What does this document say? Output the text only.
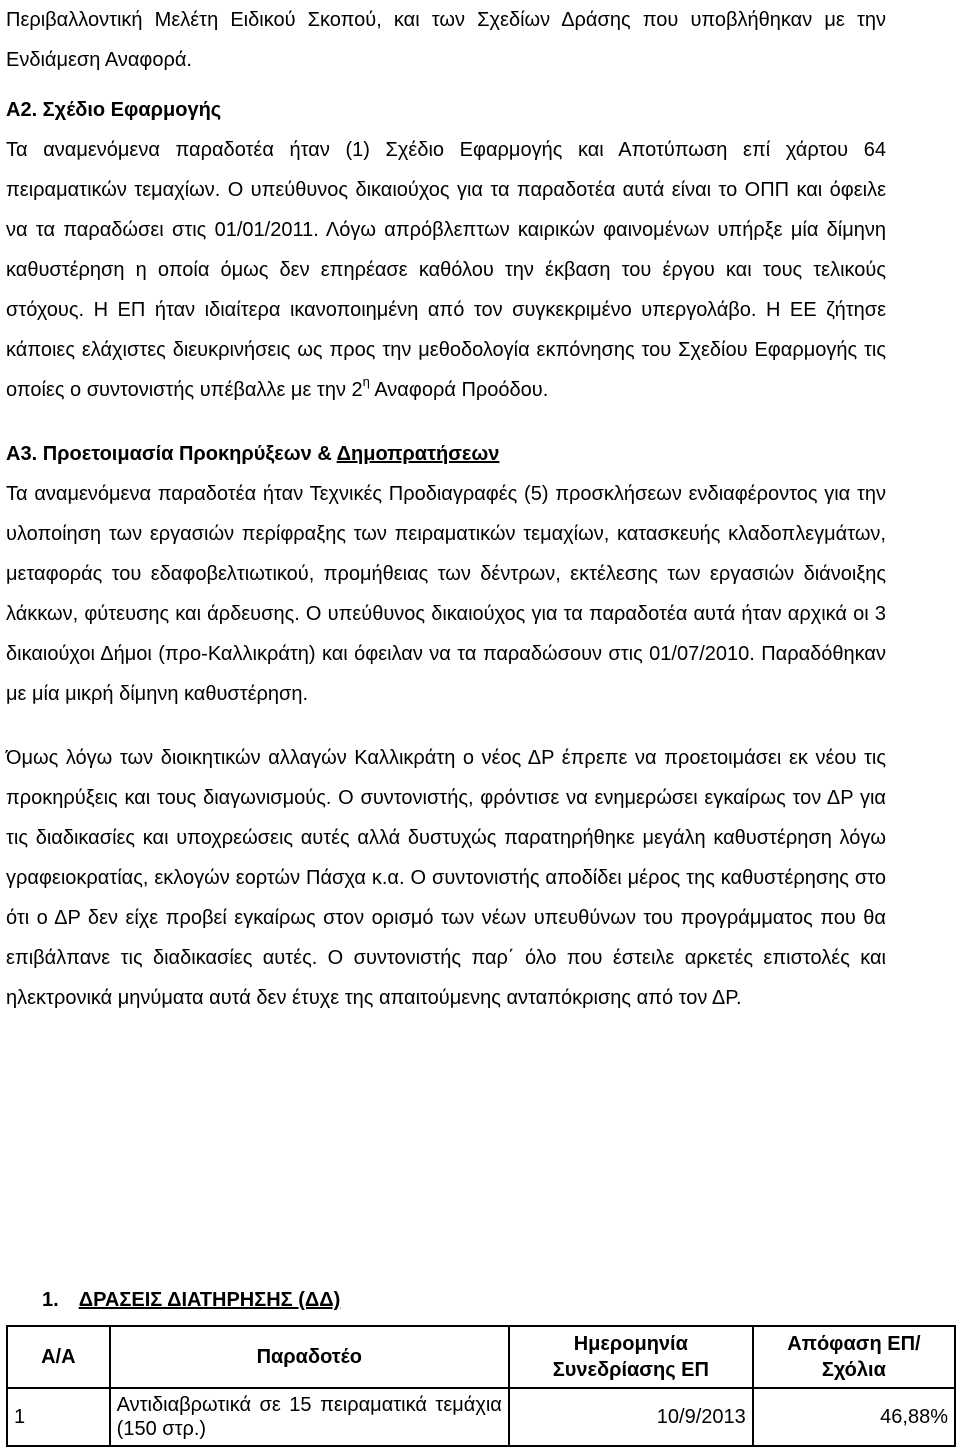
Περιβαλλοντική Μελέτη Ειδικού Σκοπού, και των Σχεδίων Δράσης που υποβλήθηκαν με την Ενδιάμεση Αναφορά.

Α2. Σχέδιο Εφαρμογής

Τα αναμενόμενα παραδοτέα ήταν (1) Σχέδιο Εφαρμογής και Αποτύπωση επί χάρτου 64 πειραματικών τεμαχίων. Ο υπεύθυνος δικαιούχος για τα παραδοτέα αυτά είναι το ΟΠΠ και όφειλε να τα παραδώσει στις 01/01/2011. Λόγω απρόβλεπτων καιρικών φαινομένων υπήρξε μία δίμηνη καθυστέρηση η οποία όμως δεν επηρέασε καθόλου την έκβαση του έργου και τους τελικούς στόχους. Η ΕΠ ήταν ιδιαίτερα ικανοποιημένη από τον συγκεκριμένο υπεργολάβο. Η ΕΕ ζήτησε κάποιες ελάχιστες διευκρινήσεις ως προς την μεθοδολογία εκπόνησης του Σχεδίου Εφαρμογής τις οποίες ο συντονιστής υπέβαλλε με την $2^\eta$ Αναφορά Προόδου.

Α3. Προετοιμασία Προκηρύξεων & Δημοπρατήσεων

Τα αναμενόμενα παραδοτέα ήταν Τεχνικές Προδιαγραφές (5) προσκλήσεων ενδιαφέροντος για την υλοποίηση των εργασιών περίφραξης των πειραματικών τεμαχίων, κατασκευής κλαδοπλεγμάτων, μεταφοράς του εδαφοβελτιωτικού, προμήθειας των δέντρων, εκτέλεσης των εργασιών διάνοιξης λάκκων, φύτευσης και άρδευσης. Ο υπεύθυνος δικαιούχος για τα παραδοτέα αυτά ήταν αρχικά οι 3 δικαιούχοι Δήμοι (προ-Καλλικράτη) και όφειλαν να τα παραδώσουν στις 01/07/2010. Παραδόθηκαν με μία μικρή δίμηνη καθυστέρηση.

Όμως λόγω των διοικητικών αλλαγών Καλλικράτη ο νέος ΔΡ έπρεπε να προετοιμάσει εκ νέου τις προκηρύξεις και τους διαγωνισμούς. Ο συντονιστής, φρόντισε να ενημερώσει εγκαίρως τον ΔΡ για τις διαδικασίες και υποχρεώσεις αυτές αλλά δυστυχώς παρατηρήθηκε μεγάλη καθυστέρηση λόγω γραφειοκρατίας, εκλογών εορτών Πάσχα κ.α. Ο συντονιστής αποδίδει μέρος της καθυστέρησης στο ότι ο ΔΡ δεν είχε προβεί εγκαίρως στον ορισμό των νέων υπευθύνων του προγράμματος που θα επιβάλπανε τις διαδικασίες αυτές. Ο συντονιστής παρ΄ όλο που έστειλε αρκετές επιστολές και ηλεκτρονικά μηνύματα αυτά δεν έτυχε της απαιτούμενης ανταπόκρισης από τον ΔΡ.

1. ΔΡΑΣΕΙΣ ΔΙΑΤΗΡΗΣΗΣ (ΔΔ)
Α/Α	Παραδοτέο	Ημερομηνία Συνεδρίασης ΕΠ	Απόφαση ΕΠ/ Σχόλια
1	Αντιδιαβρωτικά σε 15 πειραματικά τεμάχια (150 στρ.)	10/9/2013	46,88%
